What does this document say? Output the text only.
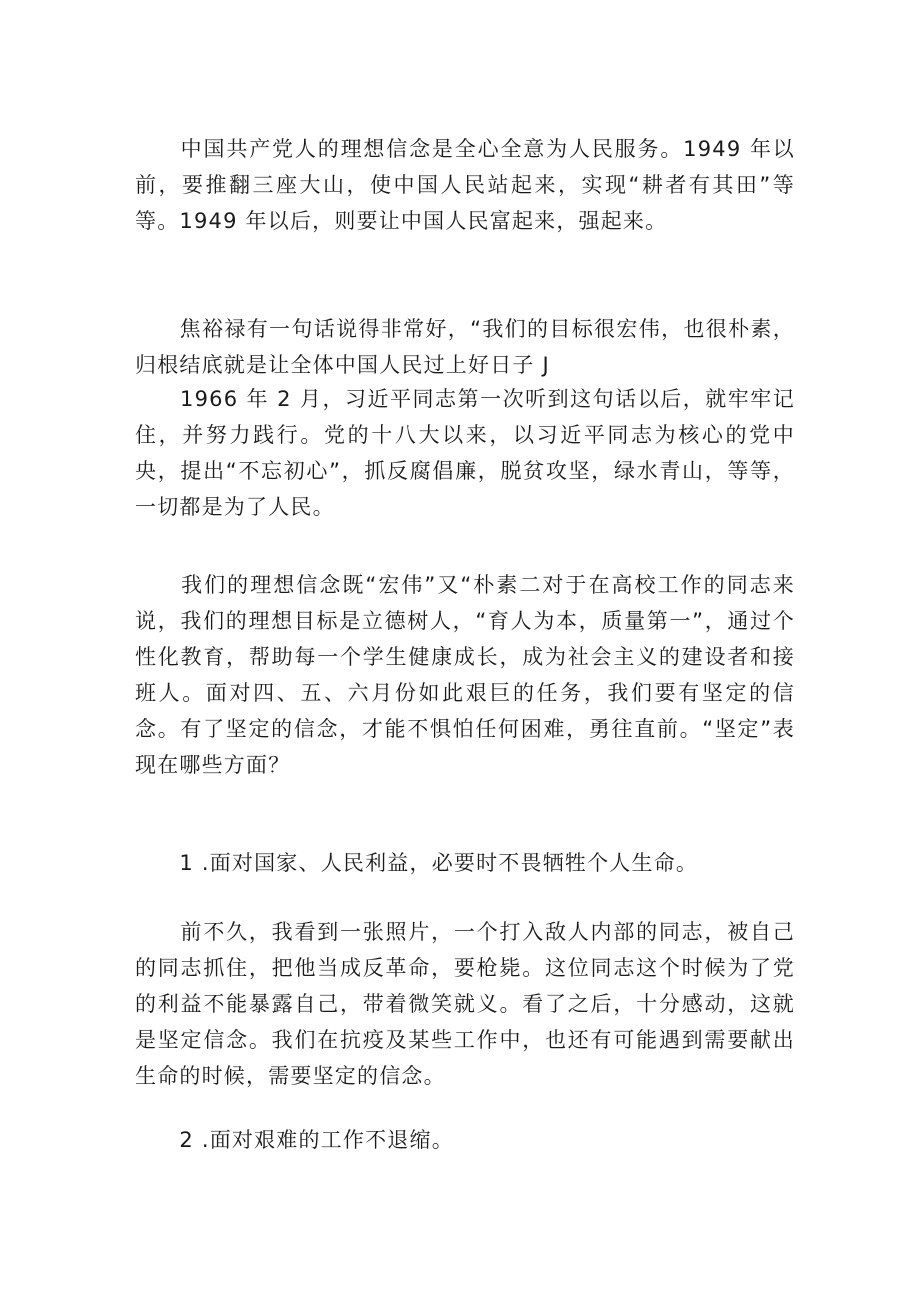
　　中国共产党人的理想信念是全心全意为人民服务。1949 年以前，要推翻三座大山，使中国人民站起来，实现“耕者有其田”等等。1949 年以后，则要让中国人民富起来，强起来。

　　焦裕禄有一句话说得非常好，“我们的目标很宏伟，也很朴素，归根结底就是让全体中国人民过上好日子 J

　　1966 年 2 月，习近平同志第一次听到这句话以后，就牢牢记住，并努力践行。党的十八大以来，以习近平同志为核心的党中央，提出“不忘初心”，抓反腐倡廉，脱贫攻坚，绿水青山，等等，一切都是为了人民。

　　我们的理想信念既“宏伟”又“朴素二对于在高校工作的同志来说，我们的理想目标是立德树人，“育人为本，质量第一”，通过个性化教育，帮助每一个学生健康成长，成为社会主义的建设者和接班人。面对四、五、六月份如此艰巨的任务，我们要有坚定的信念。有了坚定的信念，才能不惧怕任何困难，勇往直前。“坚定”表现在哪些方面？

　　1 .面对国家、人民利益，必要时不畏牺牲个人生命。

　　前不久，我看到一张照片，一个打入敌人内部的同志，被自己的同志抓住，把他当成反革命，要枪毙。这位同志这个时候为了党的利益不能暴露自己，带着微笑就义。看了之后，十分感动，这就是坚定信念。我们在抗疫及某些工作中，也还有可能遇到需要献出生命的时候，需要坚定的信念。

　　2 .面对艰难的工作不退缩。
